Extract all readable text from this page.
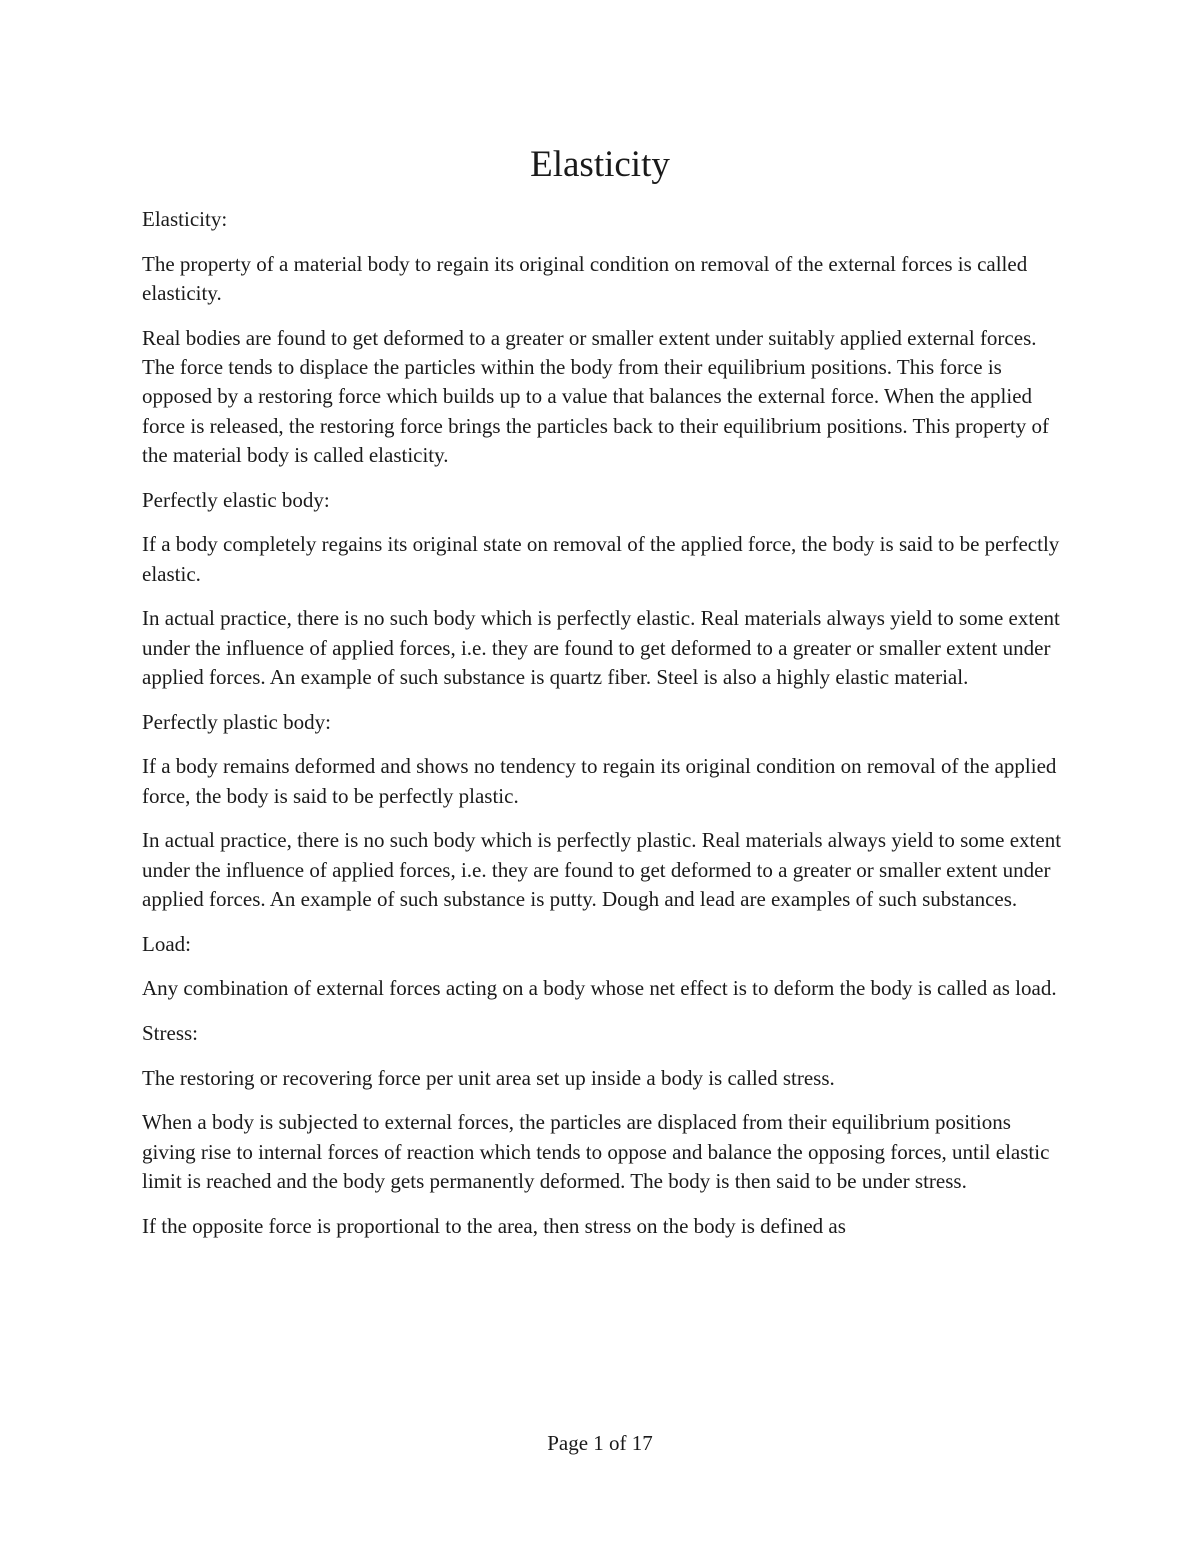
Elasticity

Elasticity:

The property of a material body to regain its original condition on removal of the external forces is called elasticity.

Real bodies are found to get deformed to a greater or smaller extent under suitably applied external forces. The force tends to displace the particles within the body from their equilibrium positions. This force is opposed by a restoring force which builds up to a value that balances the external force. When the applied force is released, the restoring force brings the particles back to their equilibrium positions. This property of the material body is called elasticity.

Perfectly elastic body:

If a body completely regains its original state on removal of the applied force, the body is said to be perfectly elastic.

In actual practice, there is no such body which is perfectly elastic. Real materials always yield to some extent under the influence of applied forces, i.e. they are found to get deformed to a greater or smaller extent under applied forces. An example of such substance is quartz fiber. Steel is also a highly elastic material.

Perfectly plastic body:

If a body remains deformed and shows no tendency to regain its original condition on removal of the applied force, the body is said to be perfectly plastic.

In actual practice, there is no such body which is perfectly plastic. Real materials always yield to some extent under the influence of applied forces, i.e. they are found to get deformed to a greater or smaller extent under applied forces. An example of such substance is putty. Dough and lead are examples of such substances.

Load:

Any combination of external forces acting on a body whose net effect is to deform the body is called as load.

Stress:

The restoring or recovering force per unit area set up inside a body is called stress.

When a body is subjected to external forces, the particles are displaced from their equilibrium positions giving rise to internal forces of reaction which tends to oppose and balance the opposing forces, until elastic limit is reached and the body gets permanently deformed. The body is then said to be under stress.

If the opposite force is proportional to the area, then stress on the body is defined as

Page 1 of 17
